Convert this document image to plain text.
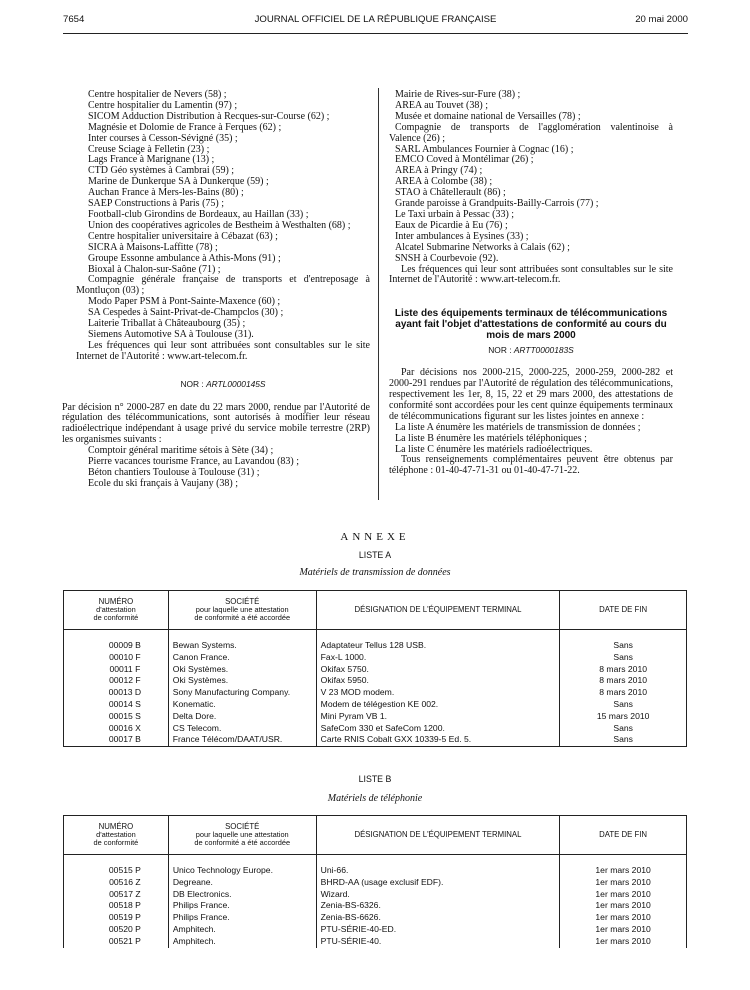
7654	JOURNAL OFFICIEL DE LA RÉPUBLIQUE FRANÇAISE	20 mai 2000
Centre hospitalier de Nevers (58) ;
Centre hospitalier du Lamentin (97) ;
SICOM Adduction Distribution à Recques-sur-Course (62) ;
Magnésie et Dolomie de France à Ferques (62) ;
Inter courses à Cesson-Sévigné (35) ;
Creuse Sciage à Felletin (23) ;
Lags France à Marignane (13) ;
CTD Géo systèmes à Cambrai (59) ;
Marine de Dunkerque SA à Dunkerque (59) ;
Auchan France à Mers-les-Bains (80) ;
SAEP Constructions à Paris (75) ;
Football-club Girondins de Bordeaux, au Haillan (33) ;
Union des coopératives agricoles de Bestheim à Westhalten (68) ;
Centre hospitalier universitaire à Cébazat (63) ;
SICRA à Maisons-Laffitte (78) ;
Groupe Essonne ambulance à Athis-Mons (91) ;
Bioxal à Chalon-sur-Saône (71) ;
Compagnie générale française de transports et d'entreposage à
Montluçon (03) ;
Modo Paper PSM à Pont-Sainte-Maxence (60) ;
SA Cespedes à Saint-Privat-de-Champclos (30) ;
Laiterie Triballat à Châteaubourg (35) ;
Siemens Automotive SA à Toulouse (31).
Les fréquences qui leur sont attribuées sont consultables sur le site Internet de l'Autorité : www.art-telecom.fr.
NOR : ARTL0000145S
Par décision n° 2000-287 en date du 22 mars 2000, rendue par l'Autorité de régulation des télécommunications, sont autorisés à modifier leur réseau radioélectrique indépendant à usage privé du service mobile terrestre (2RP) les organismes suivants :
Comptoir général maritime sétois à Sète (34) ;
Pierre vacances tourisme France, au Lavandou (83) ;
Béton chantiers Toulouse à Toulouse (31) ;
Ecole du ski français à Vaujany (38) ;
Mairie de Rives-sur-Fure (38) ;
AREA au Touvet (38) ;
Musée et domaine national de Versailles (78) ;
Compagnie de transports de l'agglomération valentinoise à
Valence (26) ;
SARL Ambulances Fournier à Cognac (16) ;
EMCO Coved à Montélimar (26) ;
AREA à Pringy (74) ;
AREA à Colombe (38) ;
STAO à Châtellerault (86) ;
Grande paroisse à Grandpuits-Bailly-Carrois (77) ;
Le Taxi urbain à Pessac (33) ;
Eaux de Picardie à Eu (76) ;
Inter ambulances à Eysines (33) ;
Alcatel Submarine Networks à Calais (62) ;
SNSH à Courbevoie (92).
Les fréquences qui leur sont attribuées sont consultables sur le site Internet de l'Autorité : www.art-telecom.fr.
Liste des équipements terminaux de télécommunications ayant fait l'objet d'attestations de conformité au cours du mois de mars 2000
NOR : ARTT0000183S
Par décisions nos 2000-215, 2000-225, 2000-259, 2000-282 et 2000-291 rendues par l'Autorité de régulation des télécommunications, respectivement les 1er, 8, 15, 22 et 29 mars 2000, des attestations de conformité sont accordées pour les cent quinze équipements terminaux de télécommunications figurant sur les listes jointes en annexe :
La liste A énumère les matériels de transmission de données ;
La liste B énumère les matériels téléphoniques ;
La liste C énumère les matériels radioélectriques.
Tous renseignements complémentaires peuvent être obtenus par téléphone : 01-40-47-71-31 ou 01-40-47-71-22.
ANNEXE
LISTE A
Matériels de transmission de données
NUMÉRO
d'attestation
de conformité	SOCIÉTÉ
pour laquelle une attestation
de conformité a été accordée	DÉSIGNATION DE L'ÉQUIPEMENT TERMINAL	DATE DE FIN

00009 B	Bewan Systems.	Adaptateur Tellus 128 USB.	Sans
00010 F	Canon France.	Fax-L 1000.	Sans
00011 F	Oki Systèmes.	Okifax 5750.	8 mars 2010
00012 F	Oki Systèmes.	Okifax 5950.	8 mars 2010
00013 D	Sony Manufacturing Company.	V 23 MOD modem.	8 mars 2010
00014 S	Konematic.	Modem de télégestion KE 002.	Sans
00015 S	Delta Dore.	Mini Pyram VB 1.	15 mars 2010
00016 X	CS Telecom.	SafeCom 330 et SafeCom 1200.	Sans
00017 B	France Télécom/DAAT/USR.	Carte RNIS Cobalt GXX 10339-5 Ed. 5.	Sans
LISTE B
Matériels de téléphonie
NUMÉRO
d'attestation
de conformité	SOCIÉTÉ
pour laquelle une attestation
de conformité a été accordée	DÉSIGNATION DE L'ÉQUIPEMENT TERMINAL	DATE DE FIN

00515 P	Unico Technology Europe.	Uni-66.	1er mars 2010
00516 Z	Degreane.	BHRD-AA (usage exclusif EDF).	1er mars 2010
00517 Z	DB Electronics.	Wizard.	1er mars 2010
00518 P	Philips France.	Zenia-BS-6326.	1er mars 2010
00519 P	Philips France.	Zenia-BS-6626.	1er mars 2010
00520 P	Amphitech.	PTU-SÉRIE-40-ED.	1er mars 2010
00521 P	Amphitech.	PTU-SÉRIE-40.	1er mars 2010
